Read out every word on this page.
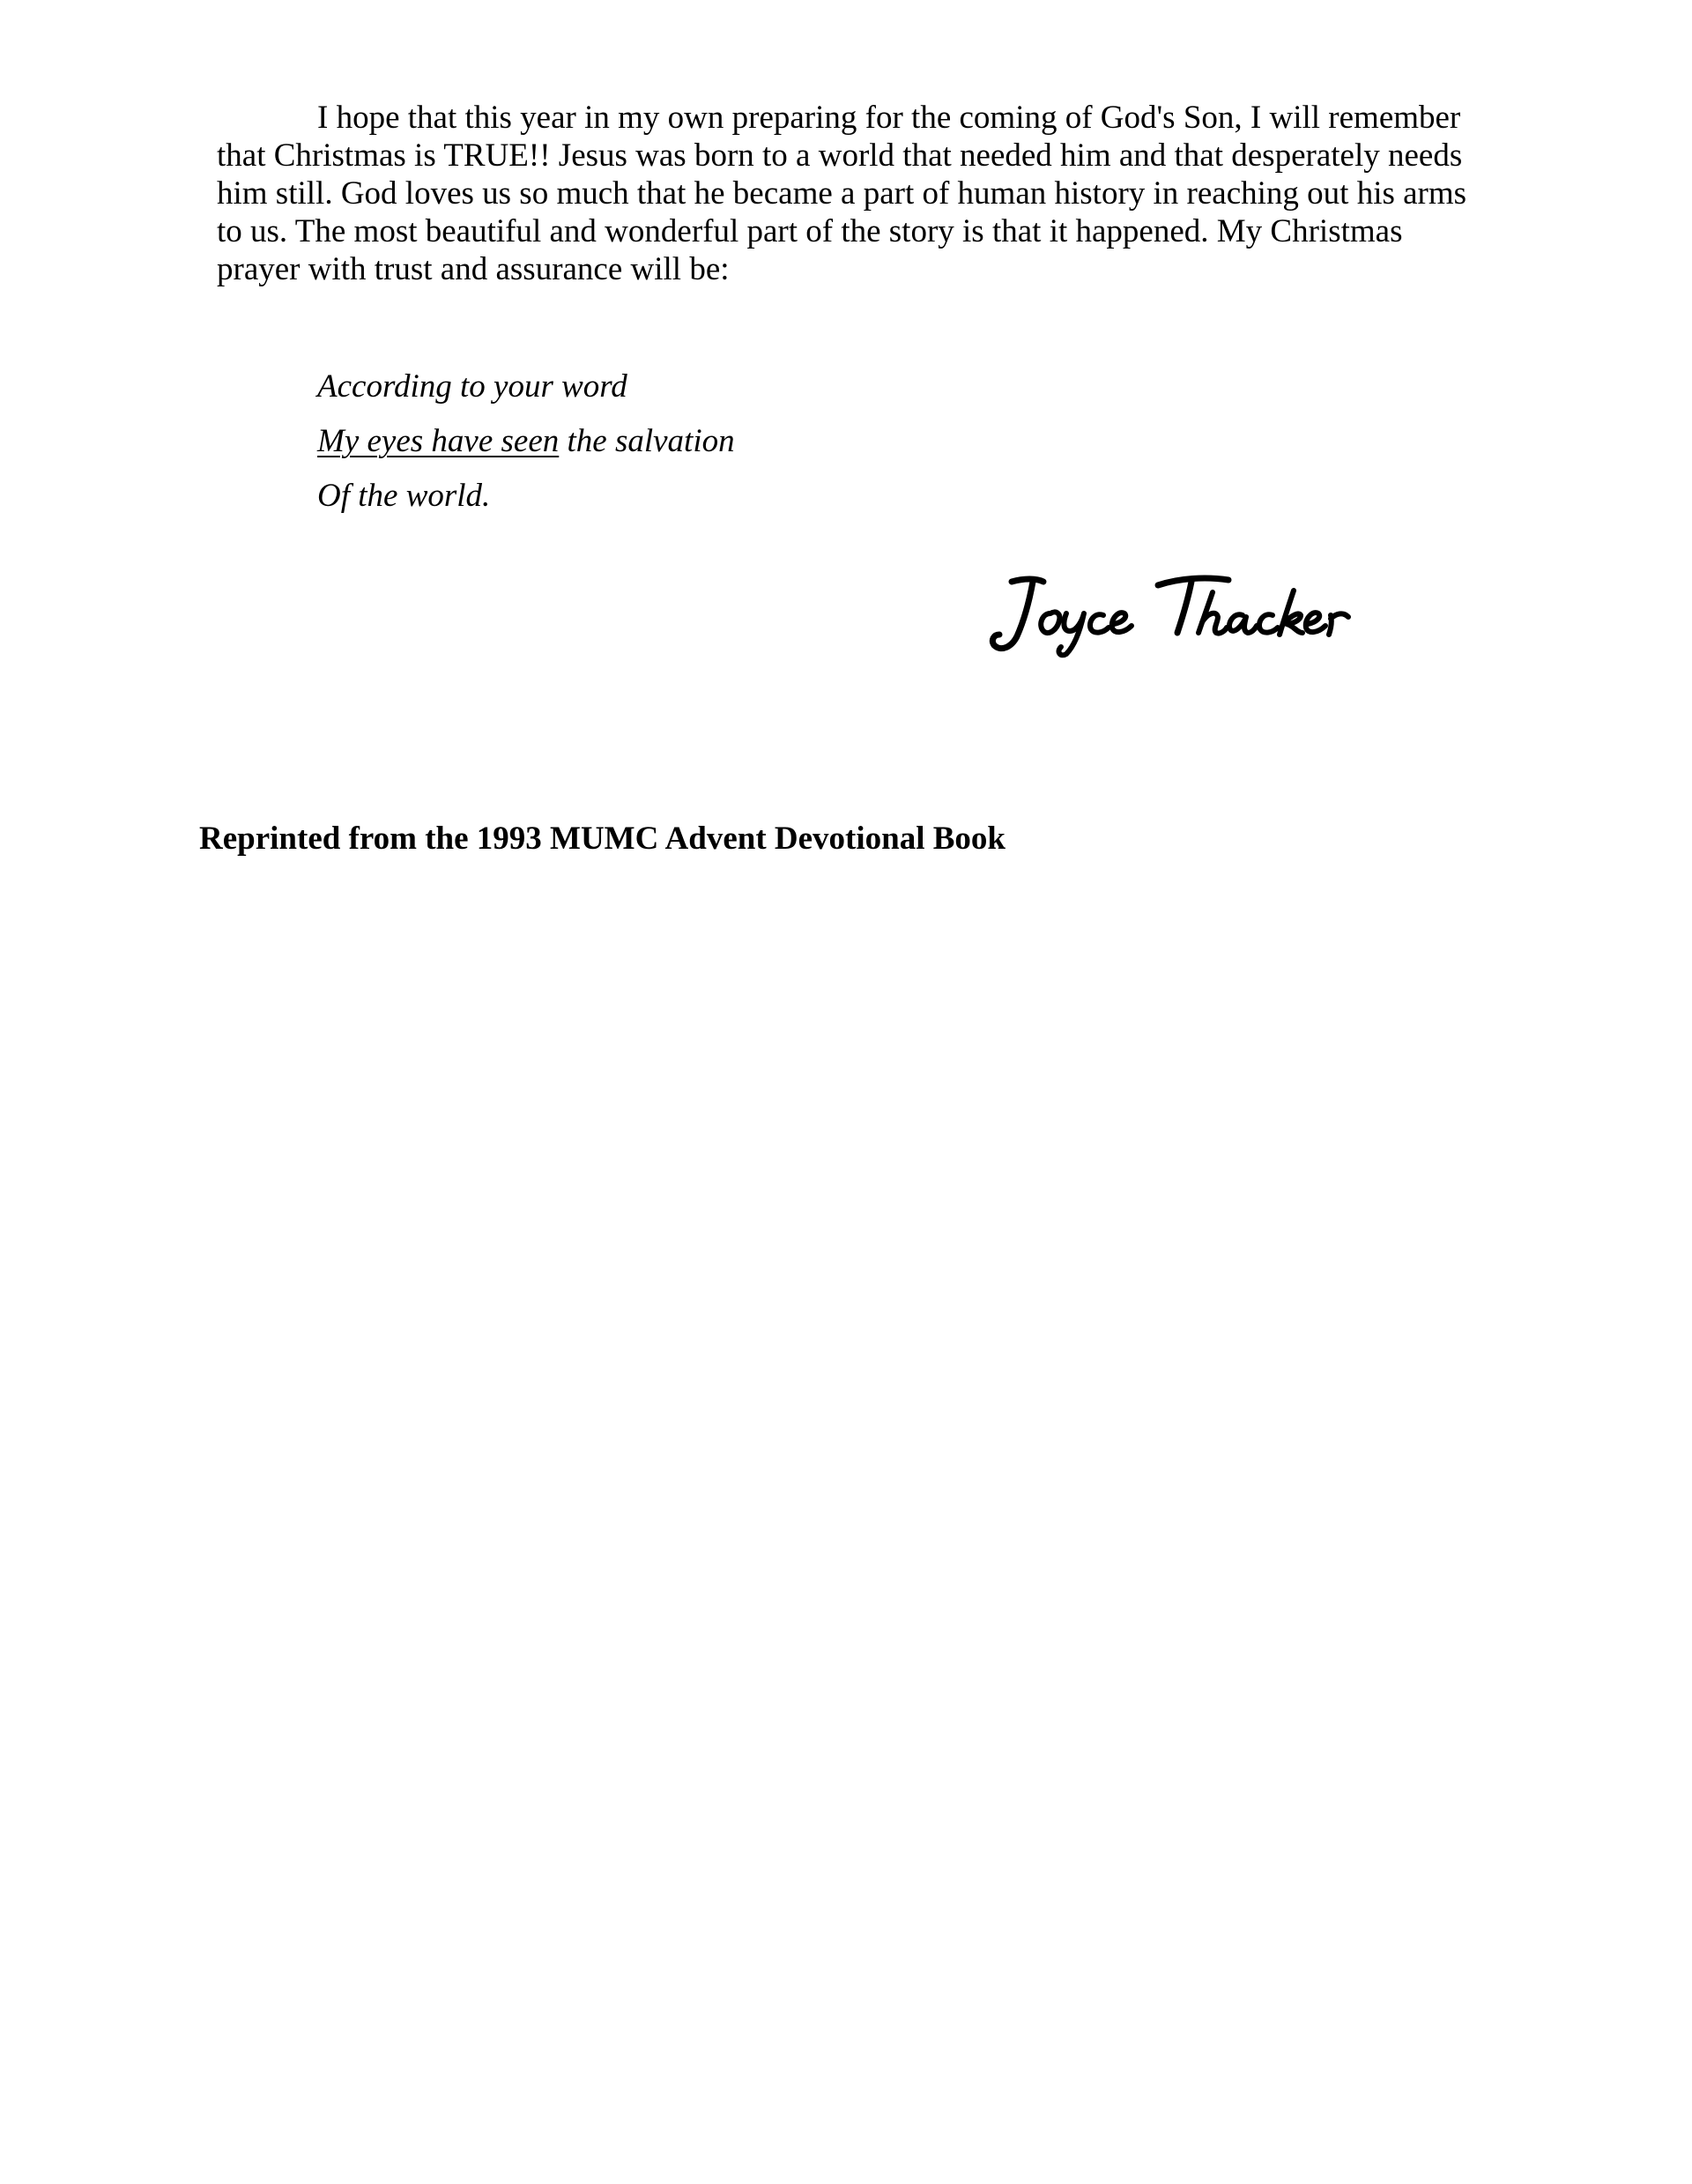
I hope that this year in my own preparing for the coming of God's Son, I will remember that Christmas is TRUE!! Jesus was born to a world that needed him and that desperately needs him still. God loves us so much that he became a part of human history in reaching out his arms to us. The most beautiful and wonderful part of the story is that it happened. My Christmas prayer with trust and assurance will be:

According to your word
My eyes have seen the salvation
Of the world.

Reprinted from the 1993 MUMC Advent Devotional Book
